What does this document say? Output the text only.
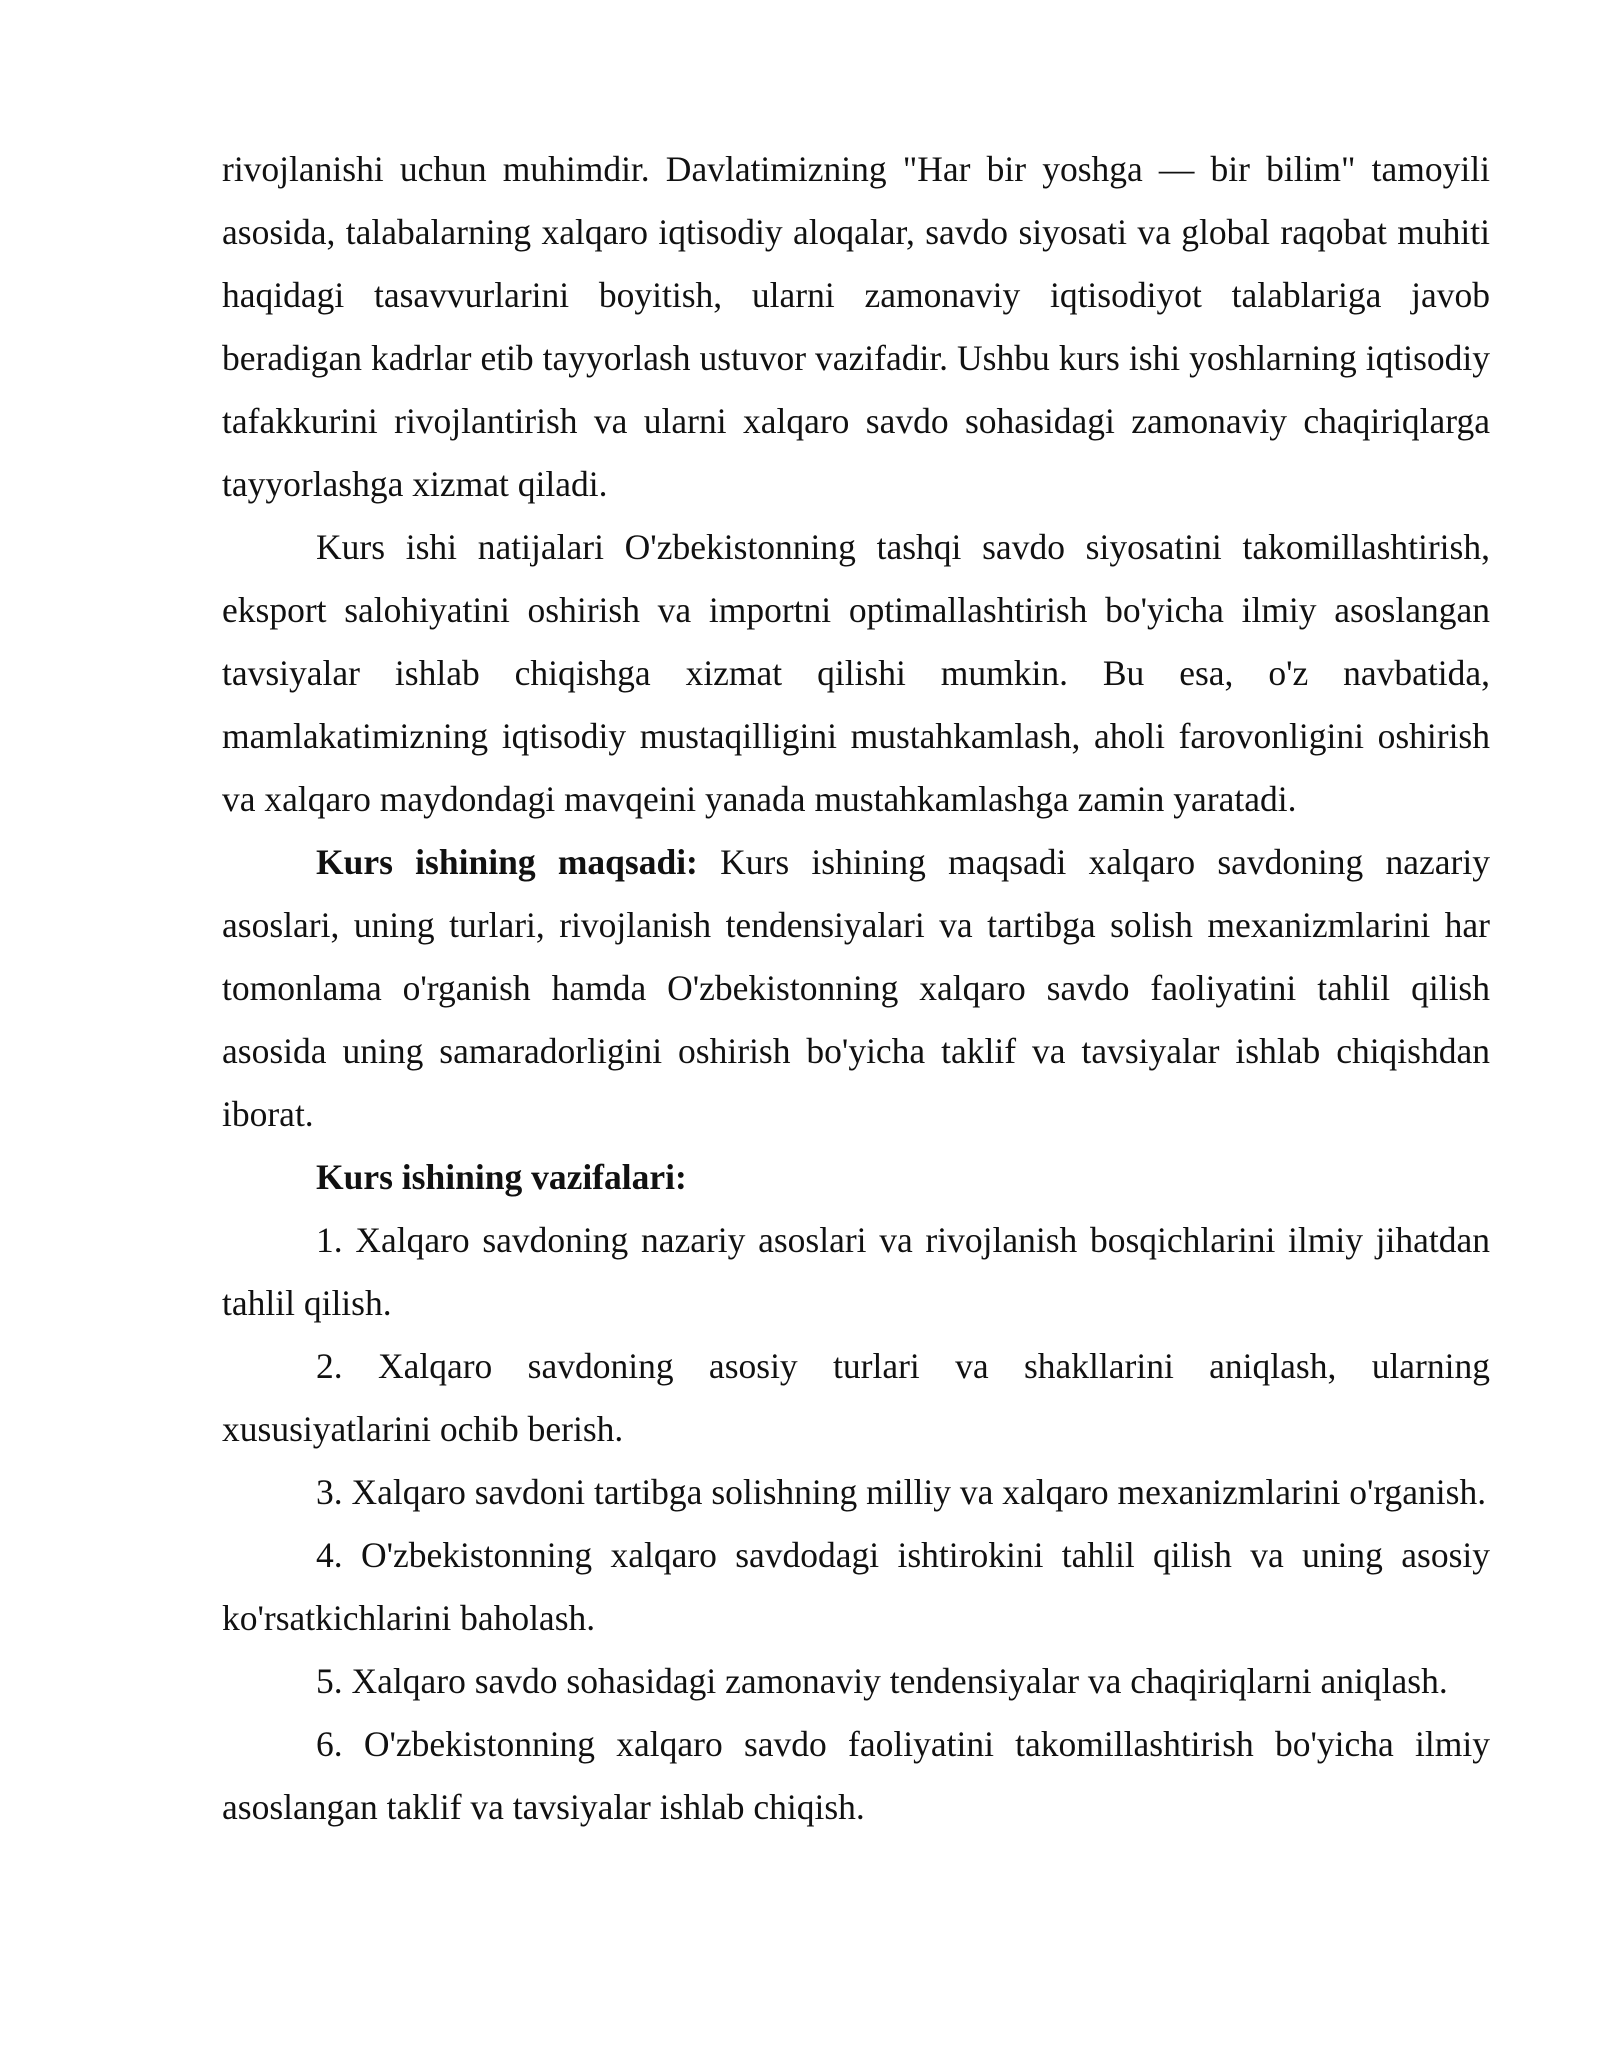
rivojlanishi uchun muhimdir. Davlatimizning "Har bir yoshga — bir bilim" tamoyili asosida, talabalarning xalqaro iqtisodiy aloqalar, savdo siyosati va global raqobat muhiti haqidagi tasavvurlarini boyitish, ularni zamonaviy iqtisodiyot talablariga javob beradigan kadrlar etib tayyorlash ustuvor vazifadir. Ushbu kurs ishi yoshlarning iqtisodiy tafakkurini rivojlantirish va ularni xalqaro savdo sohasidagi zamonaviy chaqiriqlarga tayyorlashga xizmat qiladi.

Kurs ishi natijalari O'zbekistonning tashqi savdo siyosatini takomillashtirish, eksport salohiyatini oshirish va importni optimallashtirish bo'yicha ilmiy asoslangan tavsiyalar ishlab chiqishga xizmat qilishi mumkin. Bu esa, o'z navbatida, mamlakatimizning iqtisodiy mustaqilligini mustahkamlash, aholi farovonligini oshirish va xalqaro maydondagi mavqeini yanada mustahkamlashga zamin yaratadi.

Kurs ishining maqsadi: Kurs ishining maqsadi xalqaro savdoning nazariy asoslari, uning turlari, rivojlanish tendensiyalari va tartibga solish mexanizmlarini har tomonlama o'rganish hamda O'zbekistonning xalqaro savdo faoliyatini tahlil qilish asosida uning samaradorligini oshirish bo'yicha taklif va tavsiyalar ishlab chiqishdan iborat.

Kurs ishining vazifalari:

1. Xalqaro savdoning nazariy asoslari va rivojlanish bosqichlarini ilmiy jihatdan tahlil qilish.

2. Xalqaro savdoning asosiy turlari va shakllarini aniqlash, ularning xususiyatlarini ochib berish.

3. Xalqaro savdoni tartibga solishning milliy va xalqaro mexanizmlarini o'rganish.

4. O'zbekistonning xalqaro savdodagi ishtirokini tahlil qilish va uning asosiy ko'rsatkichlarini baholash.

5. Xalqaro savdo sohasidagi zamonaviy tendensiyalar va chaqiriqlarni aniqlash.

6. O'zbekistonning xalqaro savdo faoliyatini takomillashtirish bo'yicha ilmiy asoslangan taklif va tavsiyalar ishlab chiqish.
